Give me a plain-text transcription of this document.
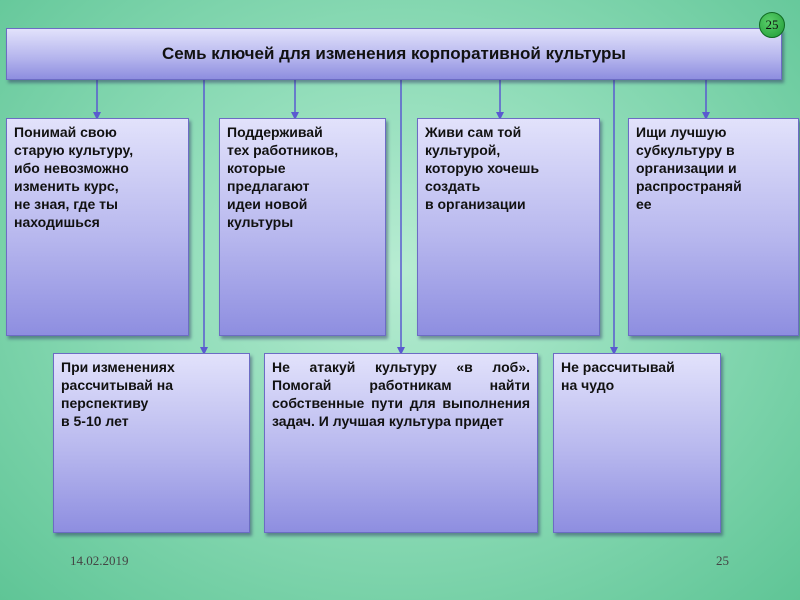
Семь ключей для изменения корпоративной культуры
25
Понимай свою
старую культуру,
ибо невозможно
изменить курс,
не зная, где ты
находишься
Поддерживай
тех работников,
которые
предлагают
идеи новой
культуры
Живи сам той
культурой,
которую хочешь
создать
в организации
Ищи лучшую
субкультуру в
организации и
распространяй
ее
При изменениях
рассчитывай на
перспективу
в 5-10 лет
Не атакуй культуру «в лоб». Помогай работникам найти собственные пути для выполнения задач. И лучшая культура придет
Не рассчитывай
на чудо
14.02.2019	25
